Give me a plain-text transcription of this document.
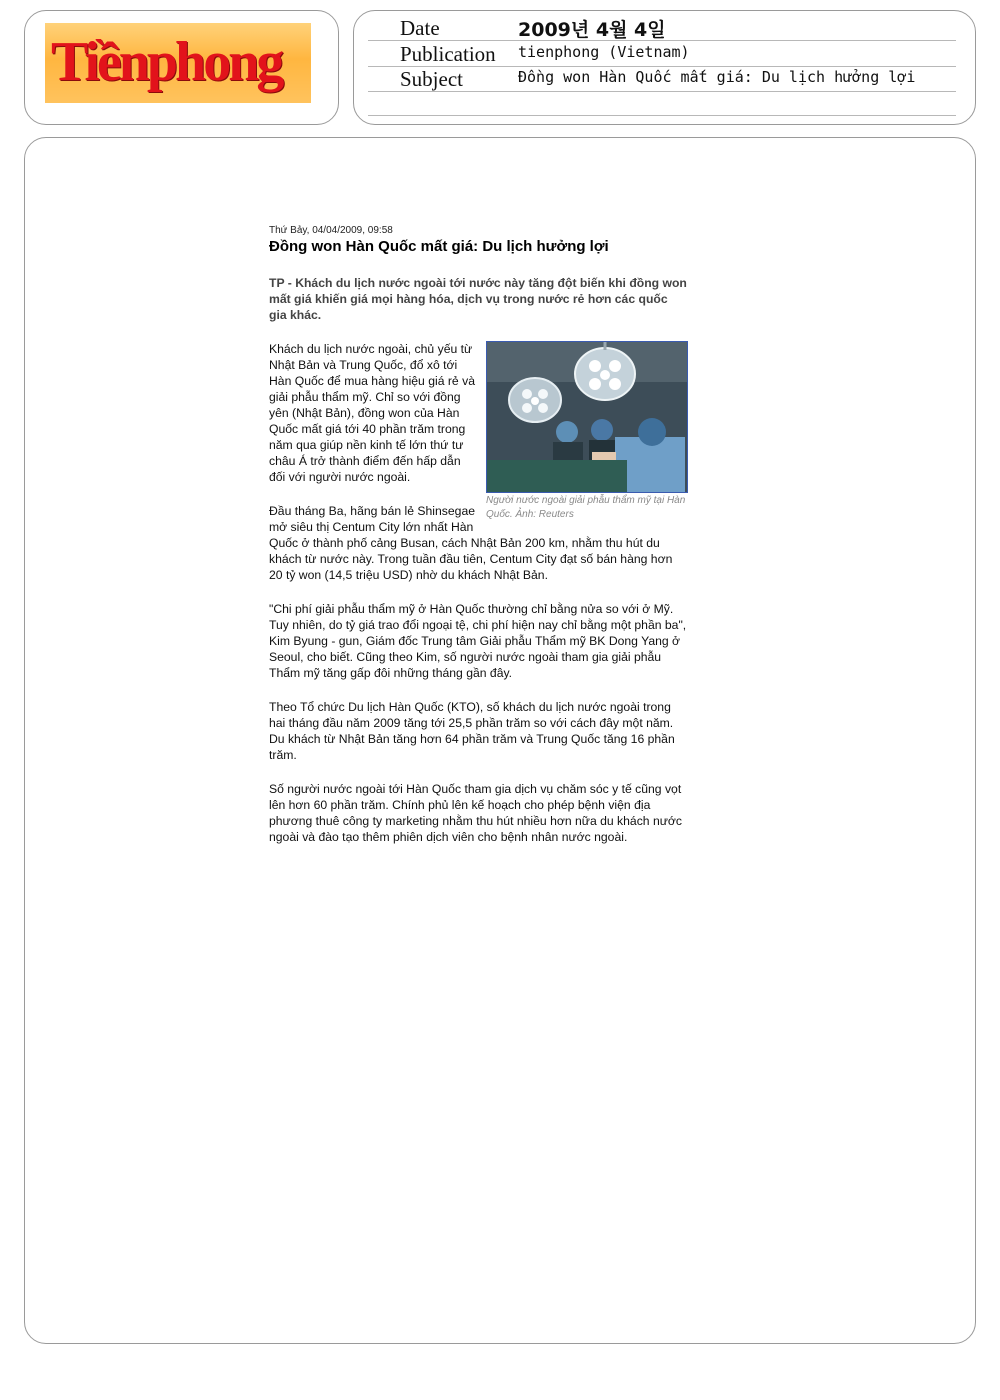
Tiềnphong
Date	2009년 4월 4일
Publication tienphong (Vietnam)
Subject	Đồng won Hàn Quốc mất giá: Du lịch hưởng lợi
Thứ Bảy, 04/04/2009, 09:58
Đồng won Hàn Quốc mất giá: Du lịch hưởng lợi

TP - Khách du lịch nước ngoài tới nước này tăng đột biến khi đồng won mất giá khiến giá mọi hàng hóa, dịch vụ trong nước rẻ hơn các quốc gia khác.

Người nước ngoài giải phẫu thẩm mỹ tại Hàn Quốc. Ảnh: Reuters

Khách du lịch nước ngoài, chủ yếu từ Nhật Bản và Trung Quốc, đổ xô tới Hàn Quốc để mua hàng hiệu giá rẻ và giải phẫu thẩm mỹ. Chỉ so với đồng yên (Nhật Bản), đồng won của Hàn Quốc mất giá tới 40 phần trăm trong năm qua giúp nền kinh tế lớn thứ tư châu Á trở thành điểm đến hấp dẫn đối với người nước ngoài.

Đầu tháng Ba, hãng bán lẻ Shinsegae mở siêu thị Centum City lớn nhất Hàn Quốc ở thành phố cảng Busan, cách Nhật Bản 200 km, nhằm thu hút du khách từ nước này. Trong tuần đầu tiên, Centum City đạt số bán hàng hơn 20 tỷ won (14,5 triệu USD) nhờ du khách Nhật Bản.

"Chi phí giải phẫu thẩm mỹ ở Hàn Quốc thường chỉ bằng nửa so với ở Mỹ. Tuy nhiên, do tỷ giá trao đổi ngoại tệ, chi phí hiện nay chỉ bằng một phần ba", Kim Byung - gun, Giám đốc Trung tâm Giải phẫu Thẩm mỹ BK Dong Yang ở Seoul, cho biết. Cũng theo Kim, số người nước ngoài tham gia giải phẫu Thẩm mỹ tăng gấp đôi những tháng gần đây.

Theo Tổ chức Du lịch Hàn Quốc (KTO), số khách du lịch nước ngoài trong hai tháng đầu năm 2009 tăng tới 25,5 phần trăm so với cách đây một năm. Du khách từ Nhật Bản tăng hơn 64 phần trăm và Trung Quốc tăng 16 phần trăm.

Số người nước ngoài tới Hàn Quốc tham gia dịch vụ chăm sóc y tế cũng vọt lên hơn 60 phần trăm. Chính phủ lên kế hoạch cho phép bệnh viện địa phương thuê công ty marketing nhằm thu hút nhiều hơn nữa du khách nước ngoài và đào tạo thêm phiên dịch viên cho bệnh nhân nước ngoài.
